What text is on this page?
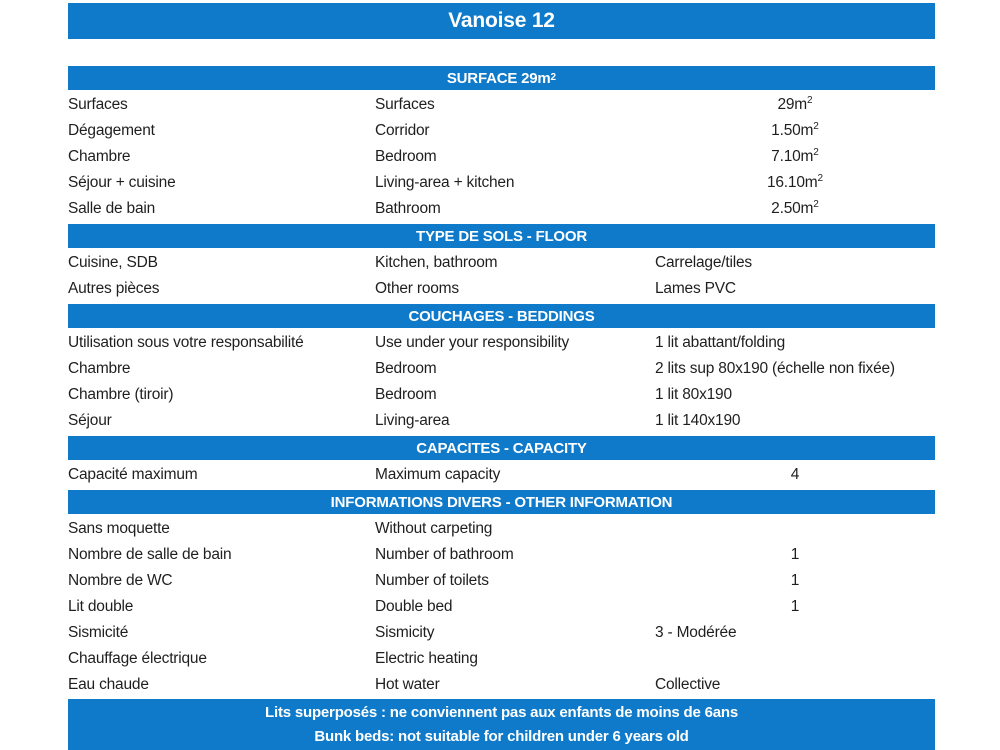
Vanoise 12
SURFACE 29m 2
Surfaces	Surfaces	$29m^2$
Dégagement	Corridor	$1.50m^2$
Chambre	Bedroom	$7.10m^2$
Séjour + cuisine	Living-area + kitchen	$16.10m^2$
Salle de bain	Bathroom	$2.50m^2$
TYPE DE SOLS - FLOOR
Cuisine, SDB	Kitchen, bathroom	Carrelage/tiles
Autres pièces	Other rooms	Lames PVC
COUCHAGES - BEDDINGS
Utilisation sous votre responsabilité	Use under your responsibility	1 lit abattant/folding
Chambre	Bedroom	2 lits sup 80x190 (échelle non fixée)
Chambre (tiroir)	Bedroom	1 lit 80x190
Séjour	Living-area	1 lit 140x190
CAPACITES - CAPACITY
Capacité maximum	Maximum capacity	4
INFORMATIONS DIVERS - OTHER INFORMATION
Sans moquette	Without carpeting
Nombre de salle de bain	Number of bathroom	1
Nombre de WC	Number of toilets	1
Lit double	Double bed	1
Sismicité	Sismicity	3 - Modérée
Chauffage électrique	Electric heating
Eau chaude	Hot water	Collective
Lits superposés : ne conviennent pas aux enfants de moins de 6ans
Bunk beds: not suitable for children under 6 years old
